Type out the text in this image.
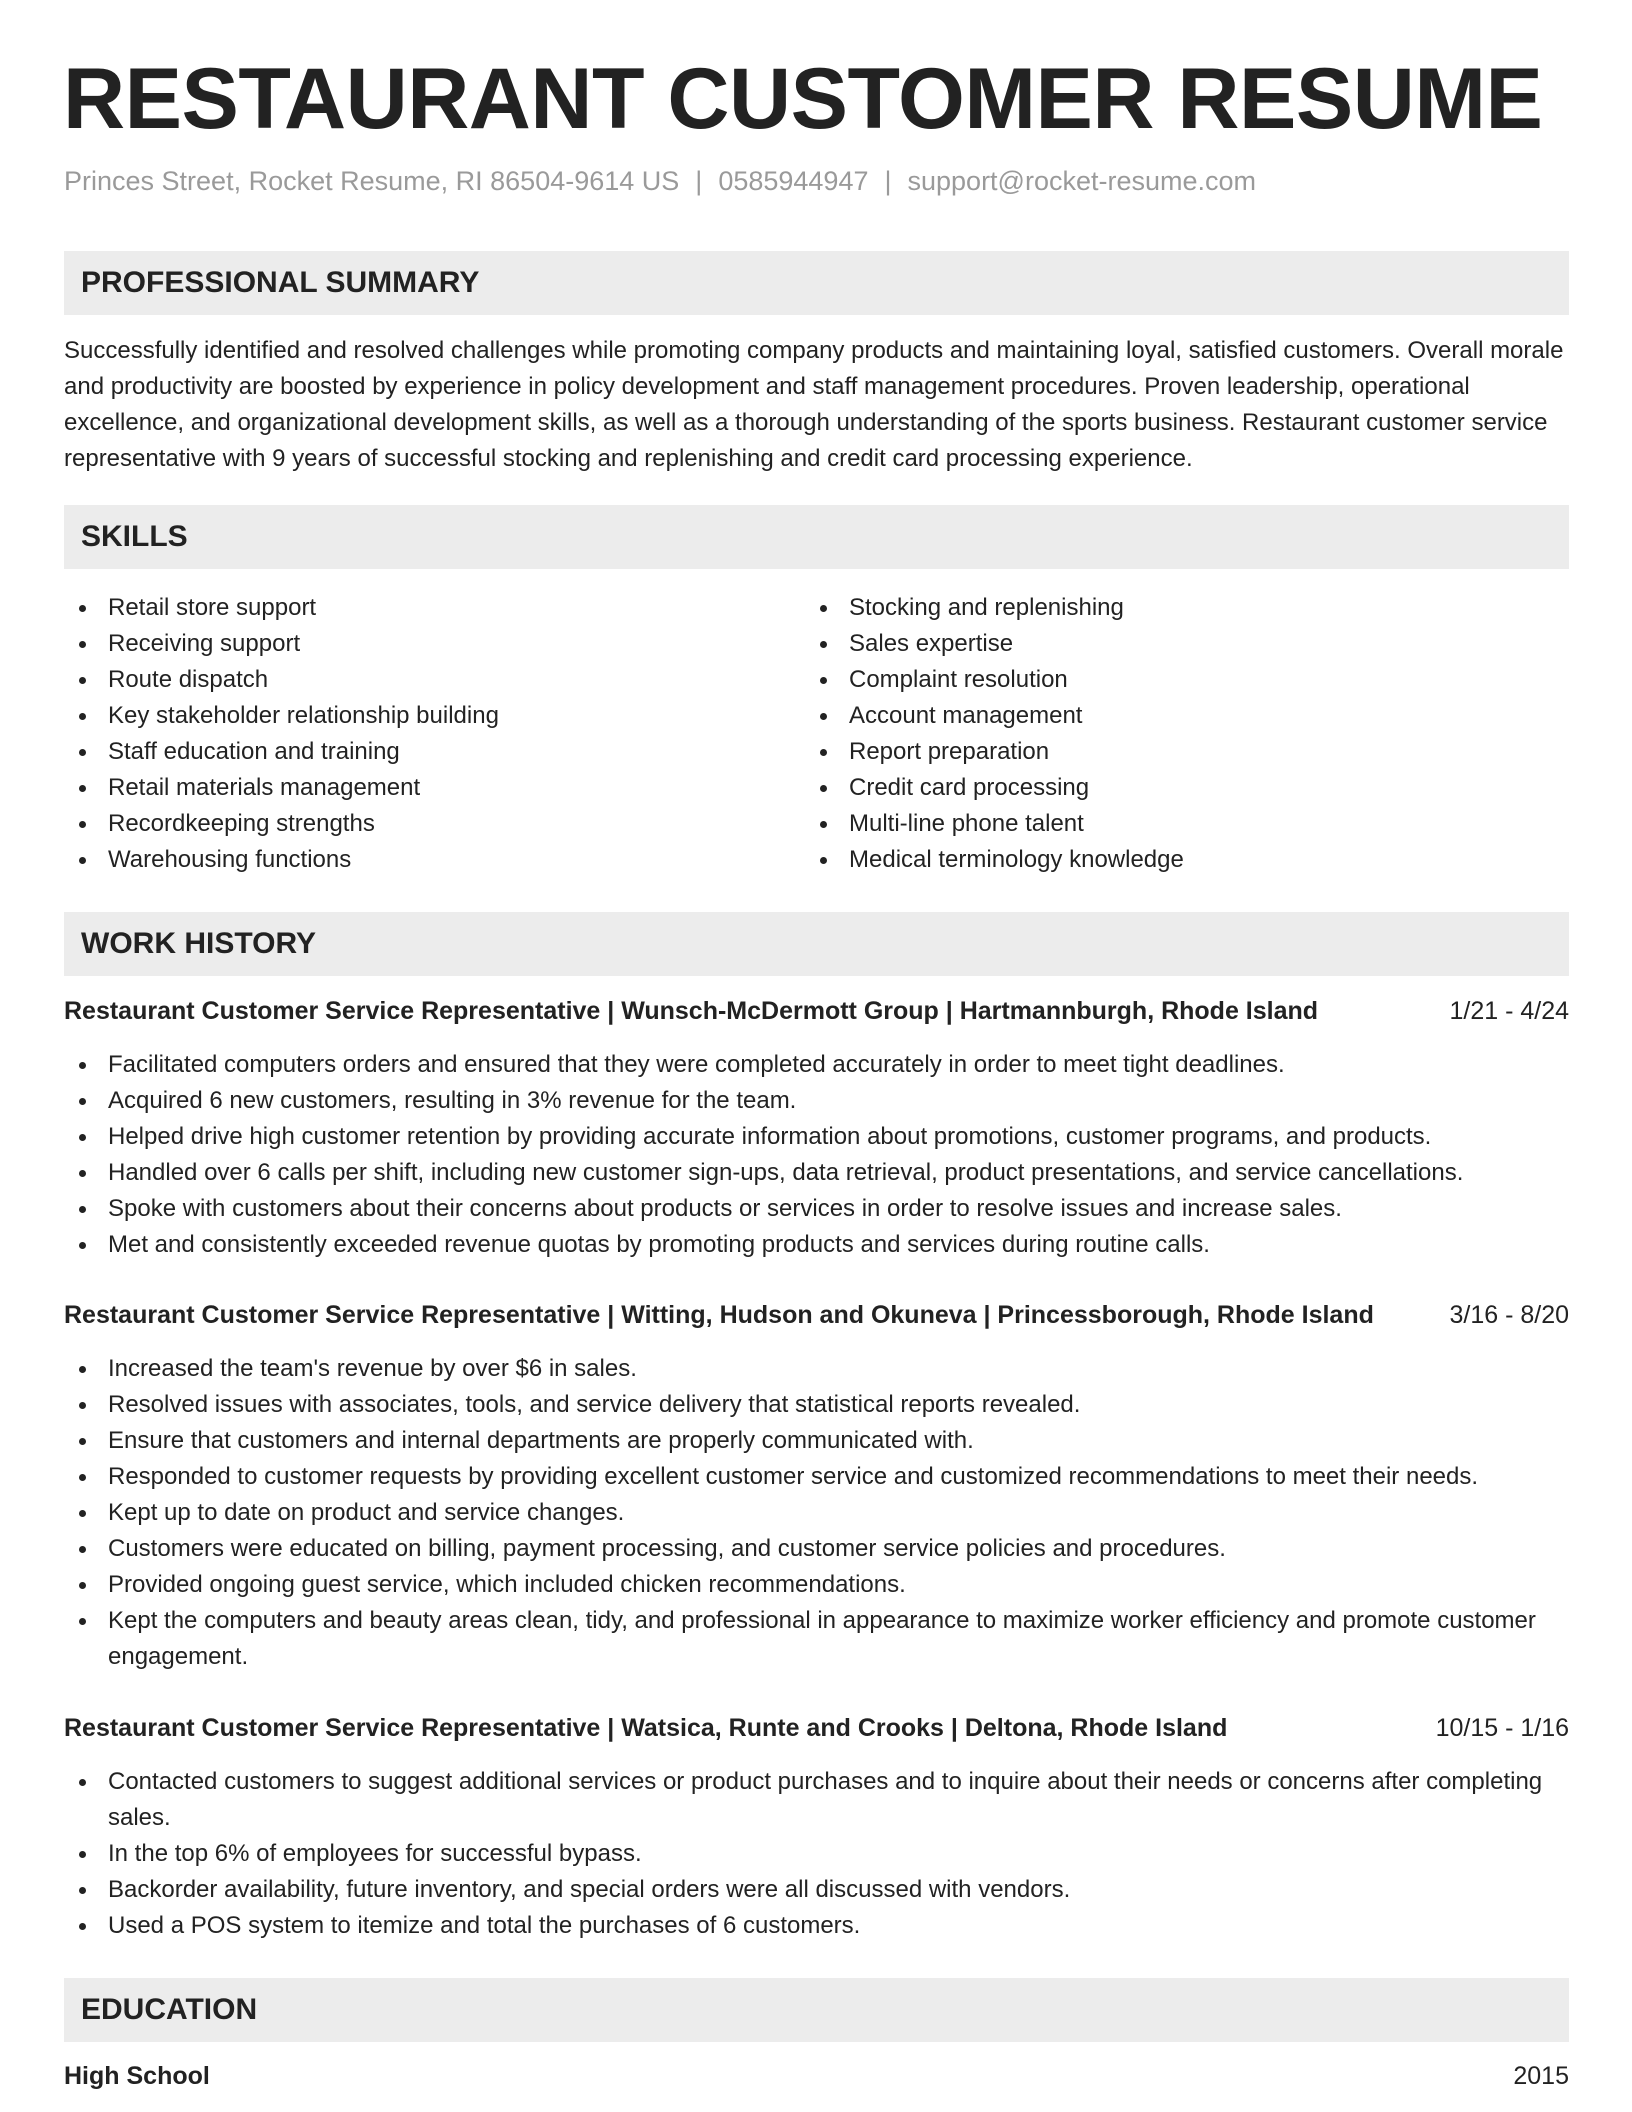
RESTAURANT CUSTOMER RESUME
Princes Street, Rocket Resume, RI 86504-9614 US | 0585944947 | support@rocket-resume.com
PROFESSIONAL SUMMARY

Successfully identified and resolved challenges while promoting company products and maintaining loyal, satisfied customers. Overall morale and productivity are boosted by experience in policy development and staff management procedures. Proven leadership, operational excellence, and organizational development skills, as well as a thorough understanding of the sports business. Restaurant customer service representative with 9 years of successful stocking and replenishing and credit card processing experience.

SKILLS
Retail store support
Receiving support
Route dispatch
Key stakeholder relationship building
Staff education and training
Retail materials management
Recordkeeping strengths
Warehousing functions
Stocking and replenishing
Sales expertise
Complaint resolution
Account management
Report preparation
Credit card processing
Multi-line phone talent
Medical terminology knowledge
WORK HISTORY
Restaurant Customer Service Representative | Wunsch-McDermott Group | Hartmannburgh, Rhode Island	1/21 - 4/24
Facilitated computers orders and ensured that they were completed accurately in order to meet tight deadlines.
Acquired 6 new customers, resulting in 3% revenue for the team.
Helped drive high customer retention by providing accurate information about promotions, customer programs, and products.
Handled over 6 calls per shift, including new customer sign-ups, data retrieval, product presentations, and service cancellations.
Spoke with customers about their concerns about products or services in order to resolve issues and increase sales.
Met and consistently exceeded revenue quotas by promoting products and services during routine calls.
Restaurant Customer Service Representative | Witting, Hudson and Okuneva | Princessborough, Rhode Island	3/16 - 8/20
Increased the team's revenue by over $6 in sales.
Resolved issues with associates, tools, and service delivery that statistical reports revealed.
Ensure that customers and internal departments are properly communicated with.
Responded to customer requests by providing excellent customer service and customized recommendations to meet their needs.
Kept up to date on product and service changes.
Customers were educated on billing, payment processing, and customer service policies and procedures.
Provided ongoing guest service, which included chicken recommendations.
Kept the computers and beauty areas clean, tidy, and professional in appearance to maximize worker efficiency and promote customer engagement.
Restaurant Customer Service Representative | Watsica, Runte and Crooks | Deltona, Rhode Island	10/15 - 1/16
Contacted customers to suggest additional services or product purchases and to inquire about their needs or concerns after completing sales.
In the top 6% of employees for successful bypass.
Backorder availability, future inventory, and special orders were all discussed with vendors.
Used a POS system to itemize and total the purchases of 6 customers.
EDUCATION
High School	2015
